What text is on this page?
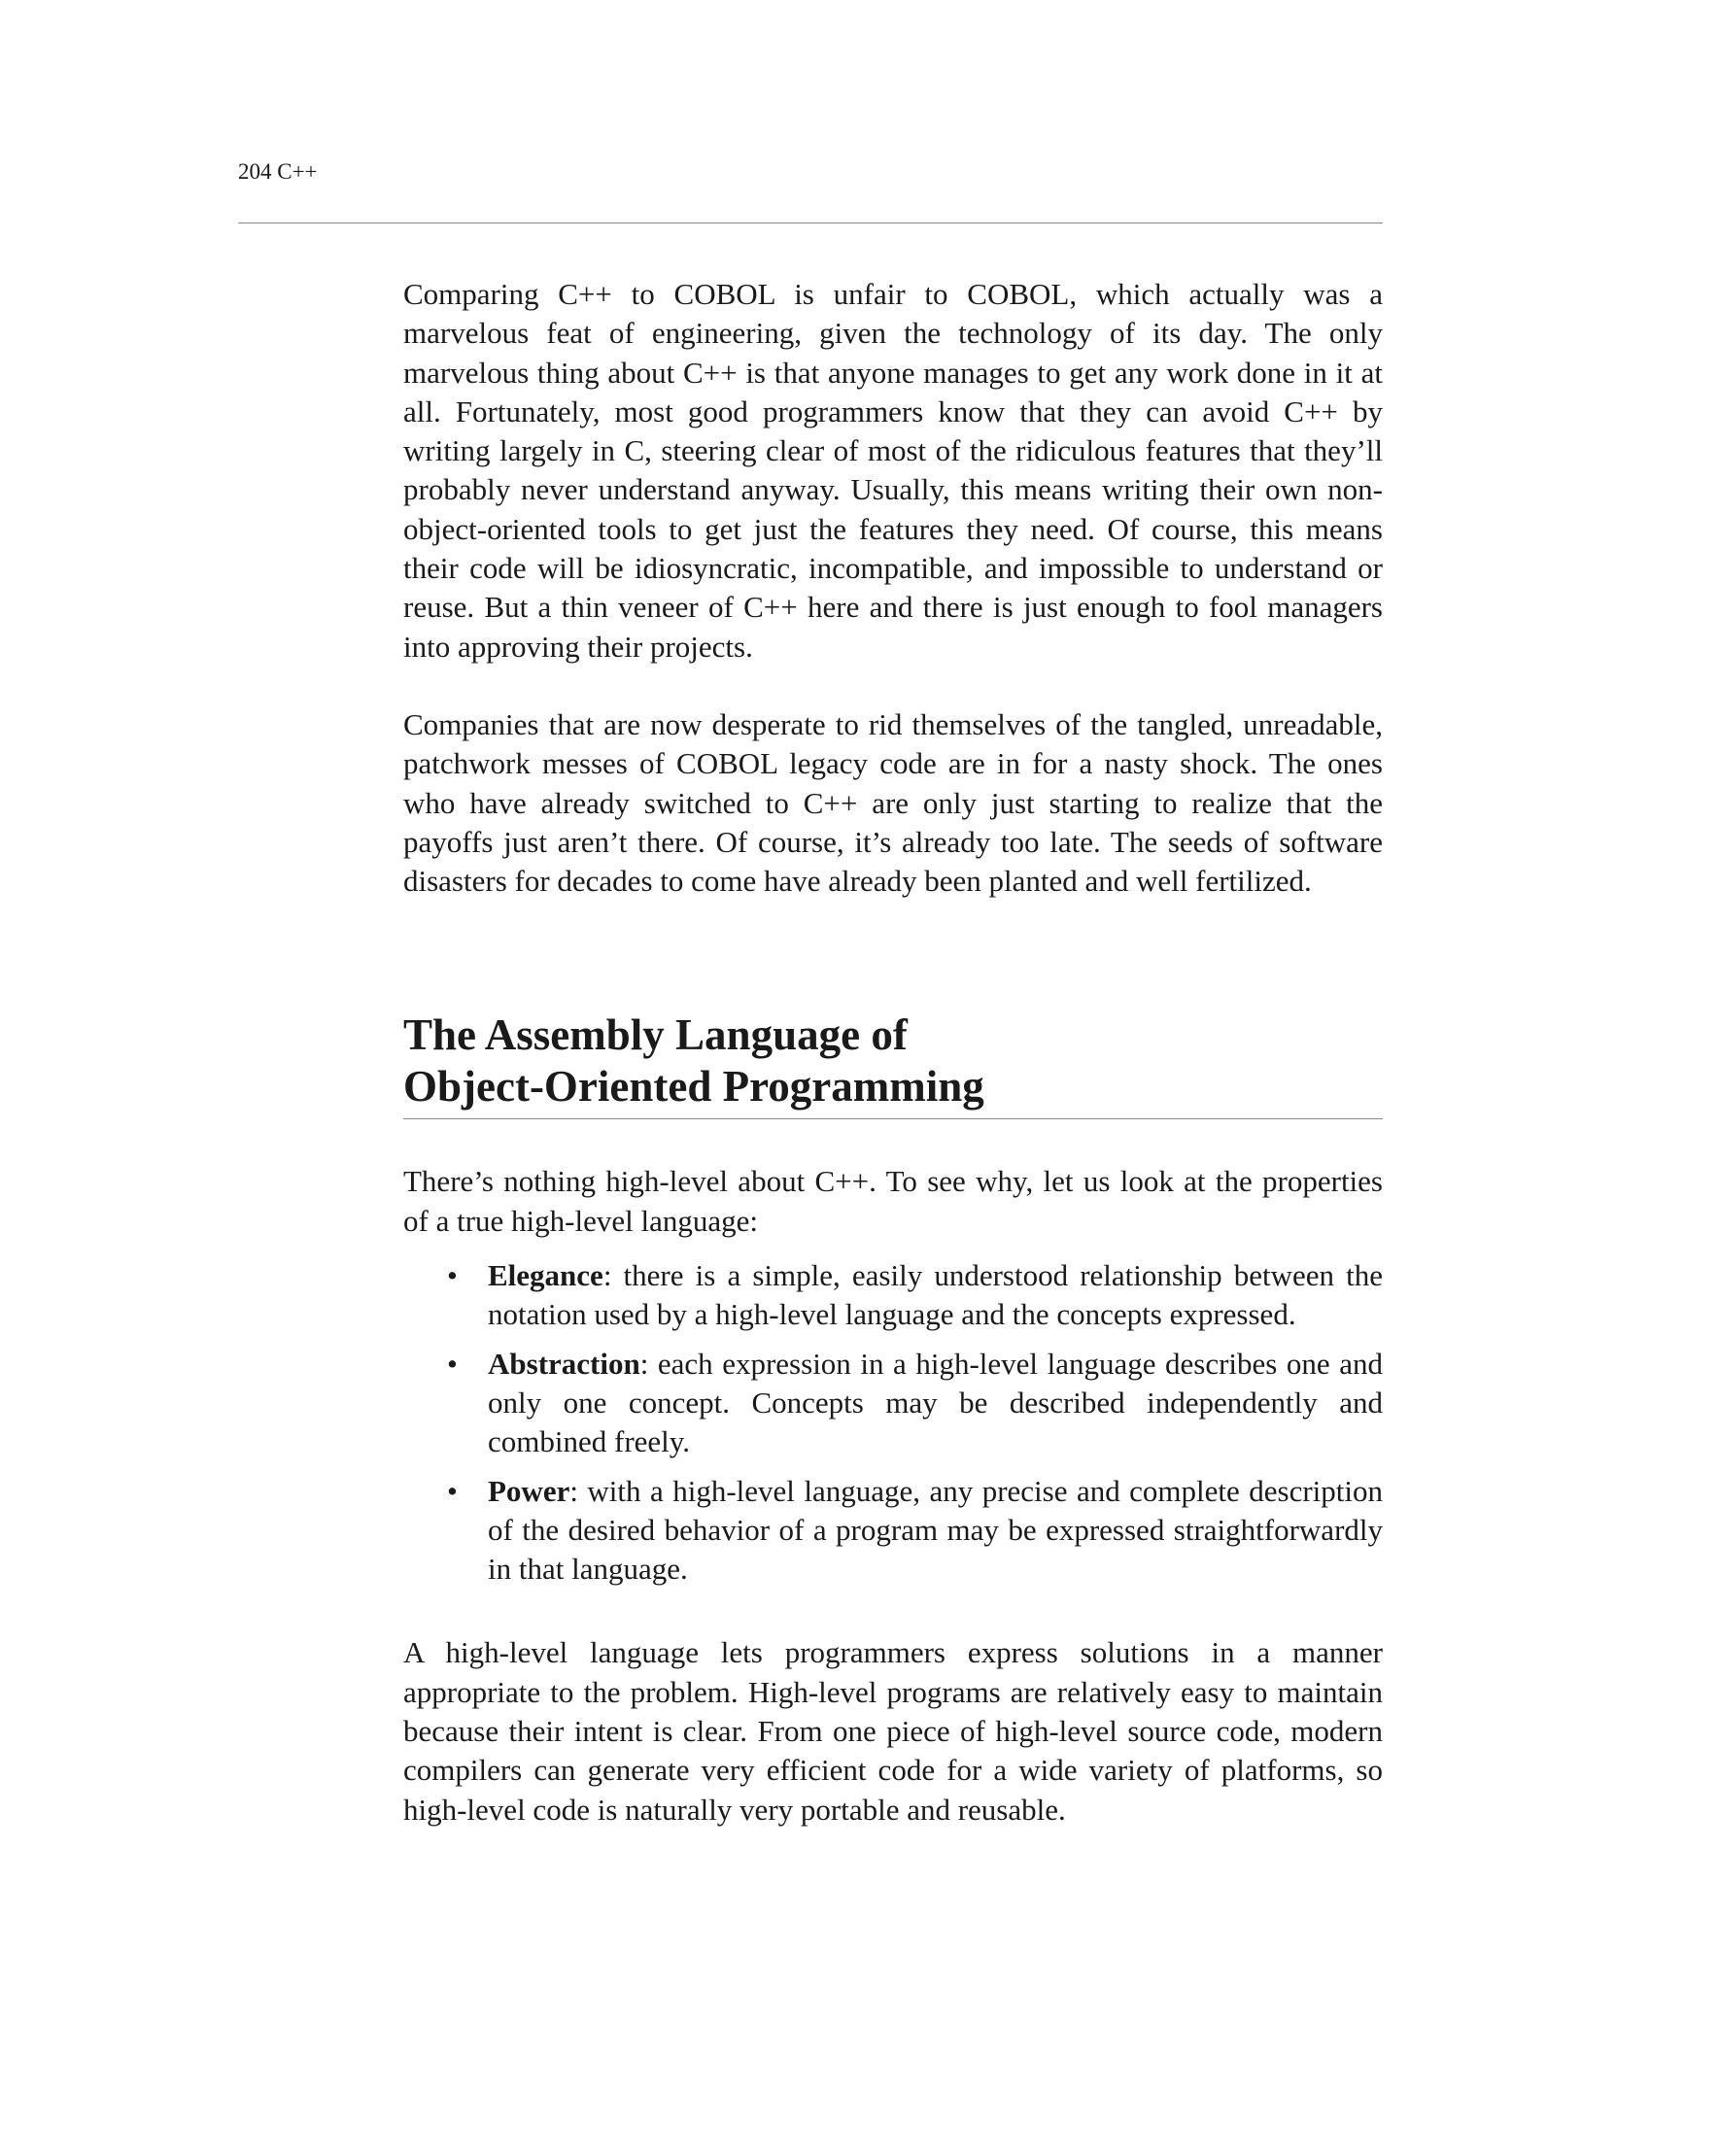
204 C++

Comparing C++ to COBOL is unfair to COBOL, which actually was a marvelous feat of engineering, given the technology of its day. The only marvelous thing about C++ is that anyone manages to get any work done in it at all. Fortunately, most good programmers know that they can avoid C++ by writing largely in C, steering clear of most of the ridiculous features that they’ll probably never understand anyway. Usually, this means writing their own non-object-oriented tools to get just the features they need. Of course, this means their code will be idiosyncratic, incompatible, and impossible to understand or reuse. But a thin veneer of C++ here and there is just enough to fool managers into approving their projects.

Companies that are now desperate to rid themselves of the tangled, unreadable, patchwork messes of COBOL legacy code are in for a nasty shock. The ones who have already switched to C++ are only just starting to realize that the payoffs just aren’t there. Of course, it’s already too late. The seeds of software disasters for decades to come have already been planted and well fertilized.

The Assembly Language of
Object-Oriented Programming

There’s nothing high-level about C++. To see why, let us look at the properties of a true high-level language:

• Elegance: there is a simple, easily understood relationship between the notation used by a high-level language and the concepts expressed.
• Abstraction: each expression in a high-level language describes one and only one concept. Concepts may be described independently and combined freely.
• Power: with a high-level language, any precise and complete description of the desired behavior of a program may be expressed straightforwardly in that language.

A high-level language lets programmers express solutions in a manner appropriate to the problem. High-level programs are relatively easy to maintain because their intent is clear. From one piece of high-level source code, modern compilers can generate very efficient code for a wide variety of platforms, so high-level code is naturally very portable and reusable.
